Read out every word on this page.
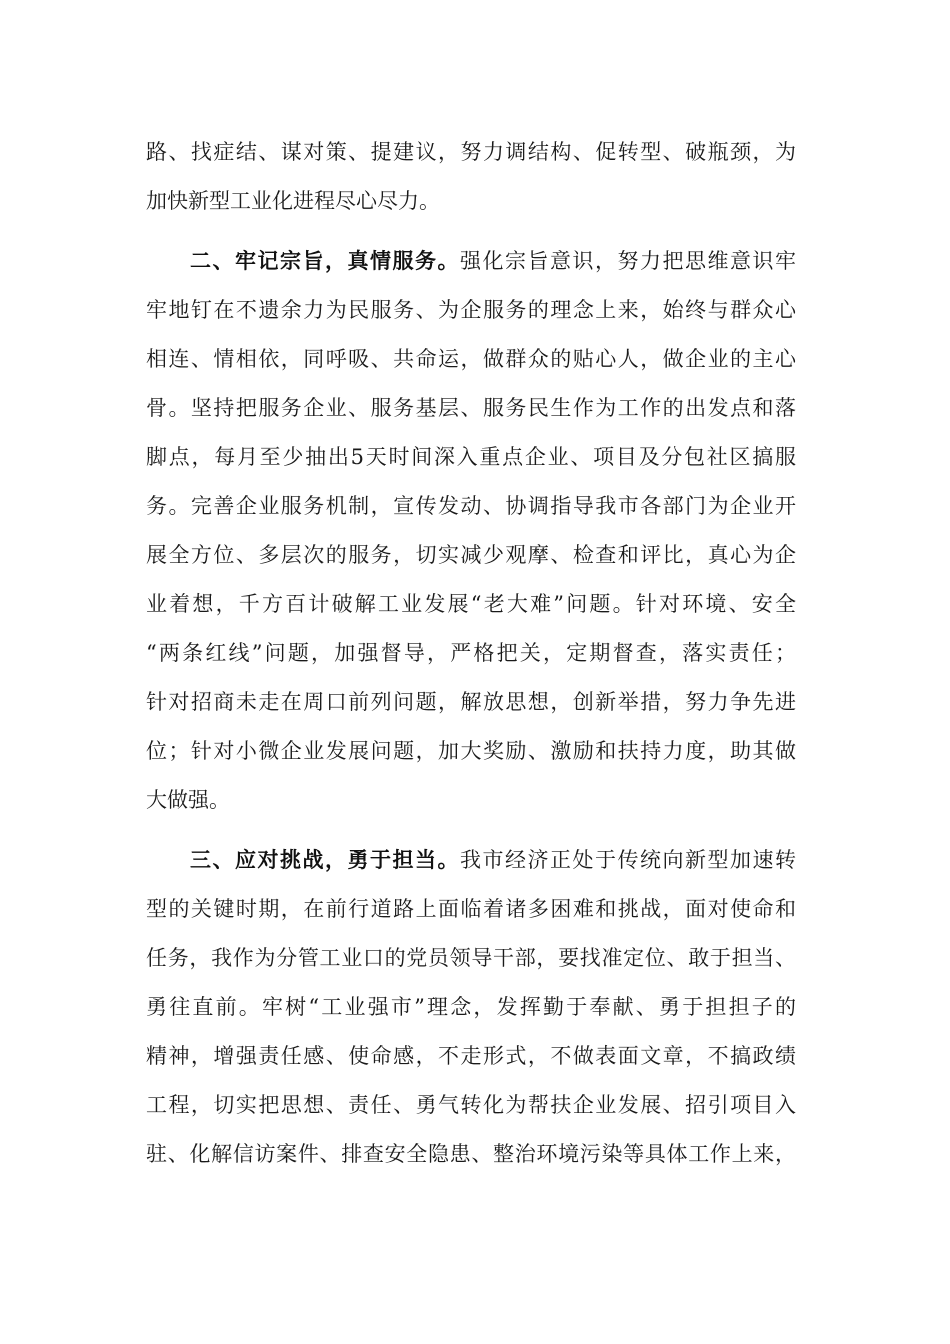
路、找症结、谋对策、提建议，努力调结构、促转型、破瓶颈，为
加快新型工业化进程尽心尽力。
二、牢记宗旨，真情服务。强化宗旨意识，努力把思维意识牢
牢地钉在不遗余力为民服务、为企服务的理念上来，始终与群众心
相连、情相依，同呼吸、共命运，做群众的贴心人，做企业的主心
骨。坚持把服务企业、服务基层、服务民生作为工作的出发点和落
脚点，每月至少抽出5天时间深入重点企业、项目及分包社区搞服
务。完善企业服务机制，宣传发动、协调指导我市各部门为企业开
展全方位、多层次的服务，切实减少观摩、检查和评比，真心为企
业着想，千方百计破解工业发展“老大难”问题。针对环境、安全
“两条红线”问题，加强督导，严格把关，定期督查，落实责任；
针对招商未走在周口前列问题，解放思想，创新举措，努力争先进
位；针对小微企业发展问题，加大奖励、激励和扶持力度，助其做
大做强。
三、应对挑战，勇于担当。我市经济正处于传统向新型加速转
型的关键时期，在前行道路上面临着诸多困难和挑战，面对使命和
任务，我作为分管工业口的党员领导干部，要找准定位、敢于担当、
勇往直前。牢树“工业强市”理念，发挥勤于奉献、勇于担担子的
精神，增强责任感、使命感，不走形式，不做表面文章，不搞政绩
工程，切实把思想、责任、勇气转化为帮扶企业发展、招引项目入
驻、化解信访案件、排查安全隐患、整治环境污染等具体工作上来，
